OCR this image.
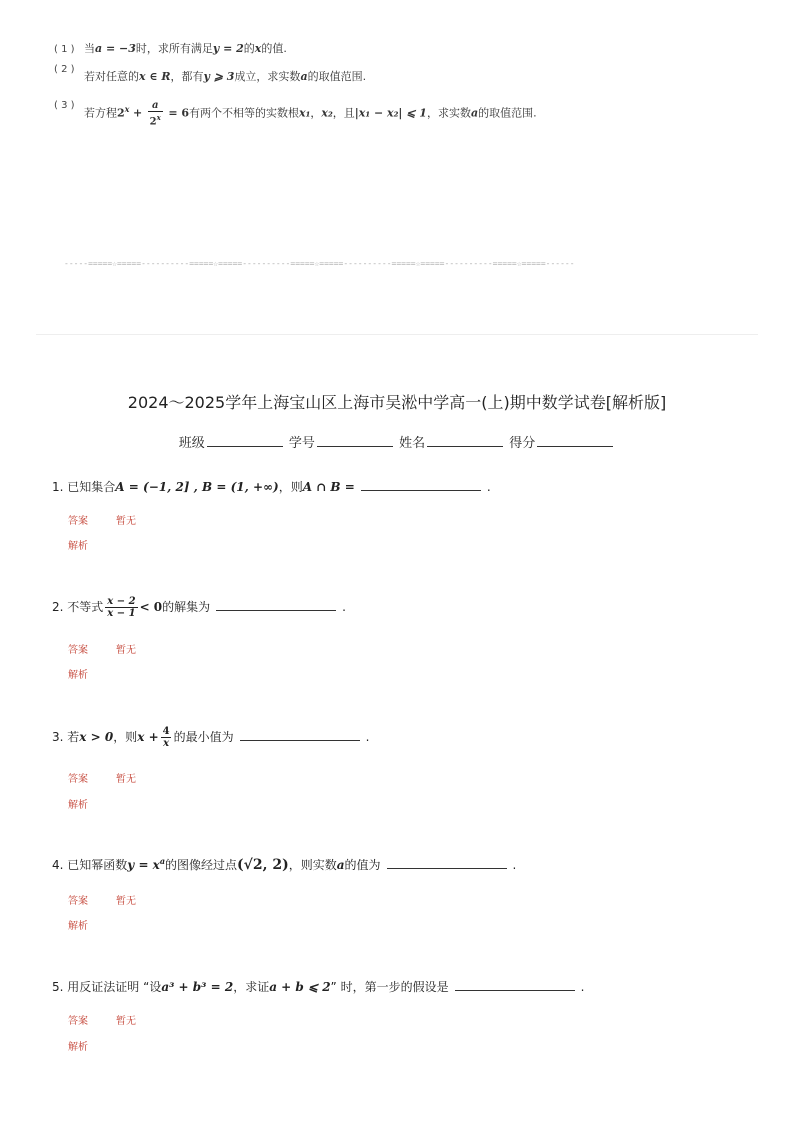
( 1 ) 当a = −3时，求所有满足y = 2的x的值.
( 2 )若对任意的x ∈ R，都有y ⩾ 3成立，求实数a的取值范围.
( 3 )若方程$2^x + \frac{a}{2^x} = 6$有两个不相等的实数根x₁，x₂，且|x₁ − x₂| ⩽ 1，求实数a的取值范围.
-----=====☆=====----------=====☆=====----------=====☆=====----------=====☆=====----------=====☆=====------
2024～2025学年上海宝山区上海市吴淞中学高一(上)期中数学试卷[解析版]
班级	学号	姓名	得分
1. 已知集合A = (−1, 2] , B = (1, +∞)，则A ∩ B =	.
答案	暂无
解析
2. 不等式 $\frac{x - 2}{x - 1} < 0$的解集为	.
答案	暂无
解析
3. 若x > 0，则$x + \frac{4}{x}$ 的最小值为	.
答案	暂无
解析
4. 已知幂函数$y = x^a$的图像经过点(√2, 2)，则实数a的值为	.
答案	暂无
解析
5. 用反证法证明 “设a³ + b³ = 2，求证a + b ⩽ 2” 时，第一步的假设是	.
答案	暂无
解析
